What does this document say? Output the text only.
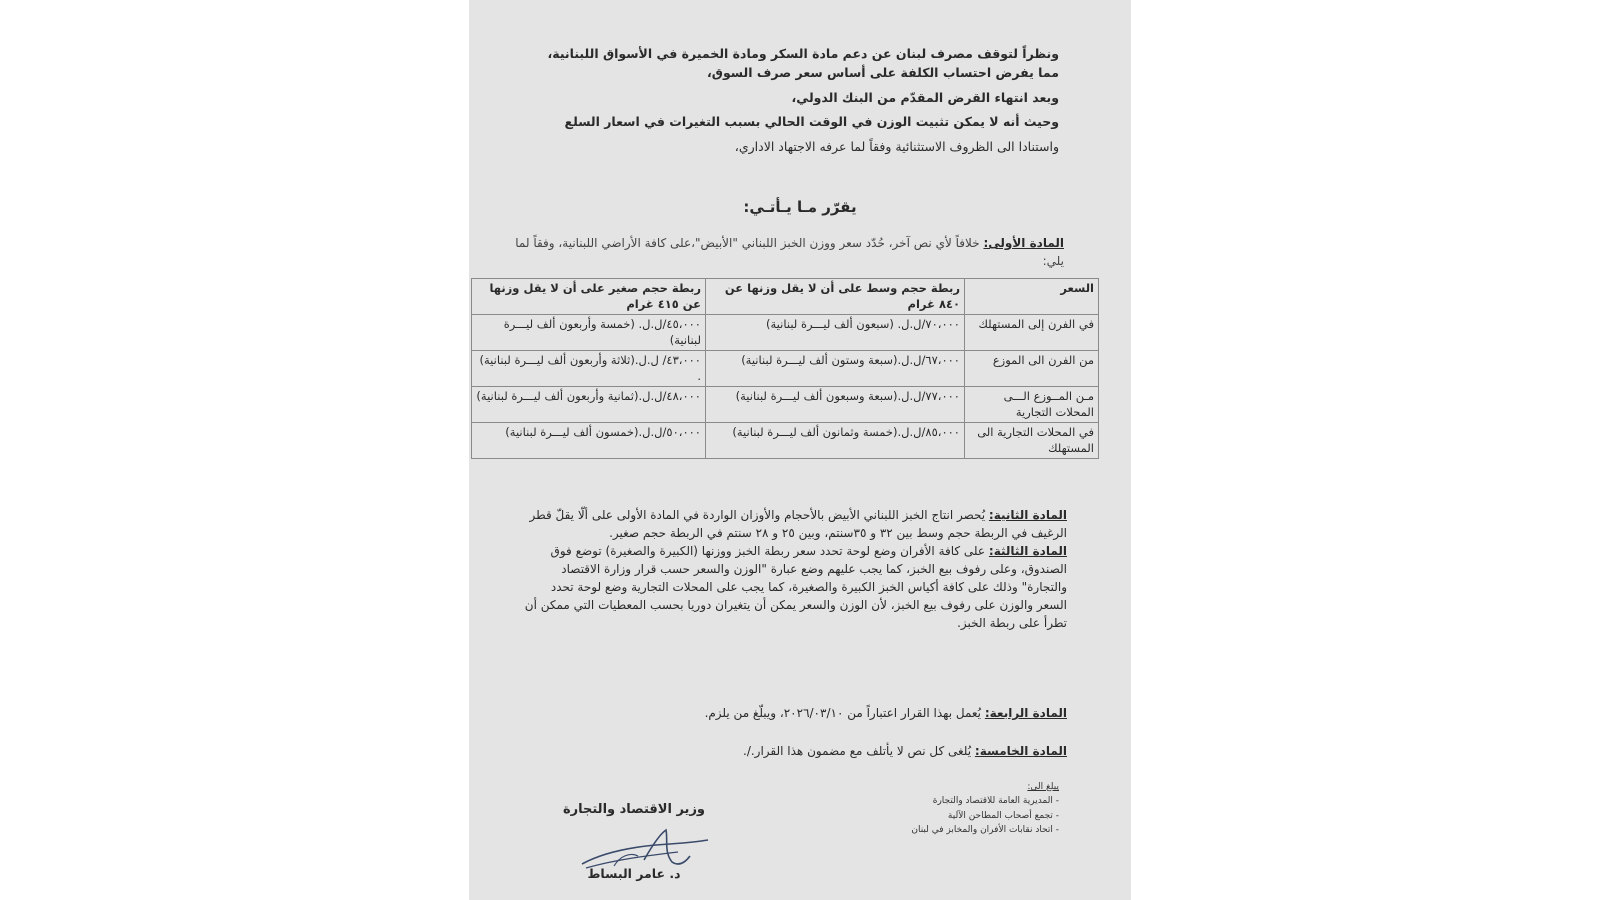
ونظراً لتوقف مصرف لبنان عن دعم مادة السكر ومادة الخميرة في الأسواق اللبنانية، مما يفرض احتساب الكلفة على أساس سعر صرف السوق،

وبعد انتهاء القرض المقدّم من البنك الدولي،

وحيث أنه لا يمكن تثبيت الوزن في الوقت الحالي بسبب التغيرات في اسعار السلع

واستنادا الى الظروف الاستثنائية وفقاً لما عرفه الاجتهاد الاداري،

يقرّر مـا يـأتـي:
المادة الأولى: خلافاً لأي نص آخر، حُدّد سعر ووزن الخبز اللبناني "الأبيض"،على كافة الأراضي اللبنانية، وفقاً لما يلي:
السعر	ربطة حجم وسط على أن لا يقل وزنها عن ٨٤٠ غرام	ربطة حجم صغير على أن لا يقل وزنها عن ٤١٥ غرام
في الفرن إلى المستهلك	٧٠،٠٠٠/ل.ل. (سبعون ألف ليـــرة لبنانية)	٤٥،٠٠٠/ل.ل. (خمسة وأربعون ألف ليـــرة لبنانية)
من الفرن الى الموزع	٦٧،٠٠٠/ل.ل.(سبعة وستون ألف ليـــرة لبنانية)	٤٣،٠٠٠/ ل.ل.(ثلاثة وأربعون ألف ليـــرة لبنانية) .
مـن المــوزع الـــى المحلات التجارية	٧٧،٠٠٠/ل.ل.(سبعة وسبعون ألف ليـــرة لبنانية)	٤٨،٠٠٠/ل.ل.(ثمانية وأربعون ألف ليـــرة لبنانية)
في المحلات التجارية الى المستهلك	٨٥،٠٠٠/ل.ل.(خمسة وثمانون ألف ليـــرة لبنانية)	٥٠،٠٠٠/ل.ل.(خمسون ألف ليـــرة لبنانية)

المادة الثانية: يُحصر انتاج الخبز اللبناني الأبيض بالأحجام والأوزان الواردة في المادة الأولى على ألّا يقلّ قطر الرغيف في الربطة حجم وسط بين ٣٢ و ٣٥سنتم، وبين ٢٥ و ٢٨ سنتم في الربطة حجم صغير.

المادة الثالثة: على كافة الأفران وضع لوحة تحدد سعر ربطة الخبز ووزنها (الكبيرة والصغيرة) توضع فوق الصندوق، وعلى رفوف بيع الخبز، كما يجب عليهم وضع عبارة "الوزن والسعر حسب قرار وزارة الاقتصاد والتجارة" وذلك على كافة أكياس الخبز الكبيرة والصغيرة، كما يجب على المحلات التجارية وضع لوحة تحدد السعر والوزن على رفوف بيع الخبز، لأن الوزن والسعر يمكن أن يتغيران دوريا بحسب المعطيات التي ممكن أن تطرأ على ربطة الخبز.

المادة الرابعة: يُعمل بهذا القرار اعتباراً من ٢٠٢٦/٠٣/١٠، ويبلّغ من يلزم.
المادة الخامسة: يُلغى كل نص لا يأتلف مع مضمون هذا القرار./.
يبلغ الى:
- المديرية العامة للاقتصاد والتجارة
- تجمع أصحاب المطاحن الآلية
- اتحاد نقابات الأفران والمخابز في لبنان
وزير الاقتصاد والتجارة
د. عامر البساط
